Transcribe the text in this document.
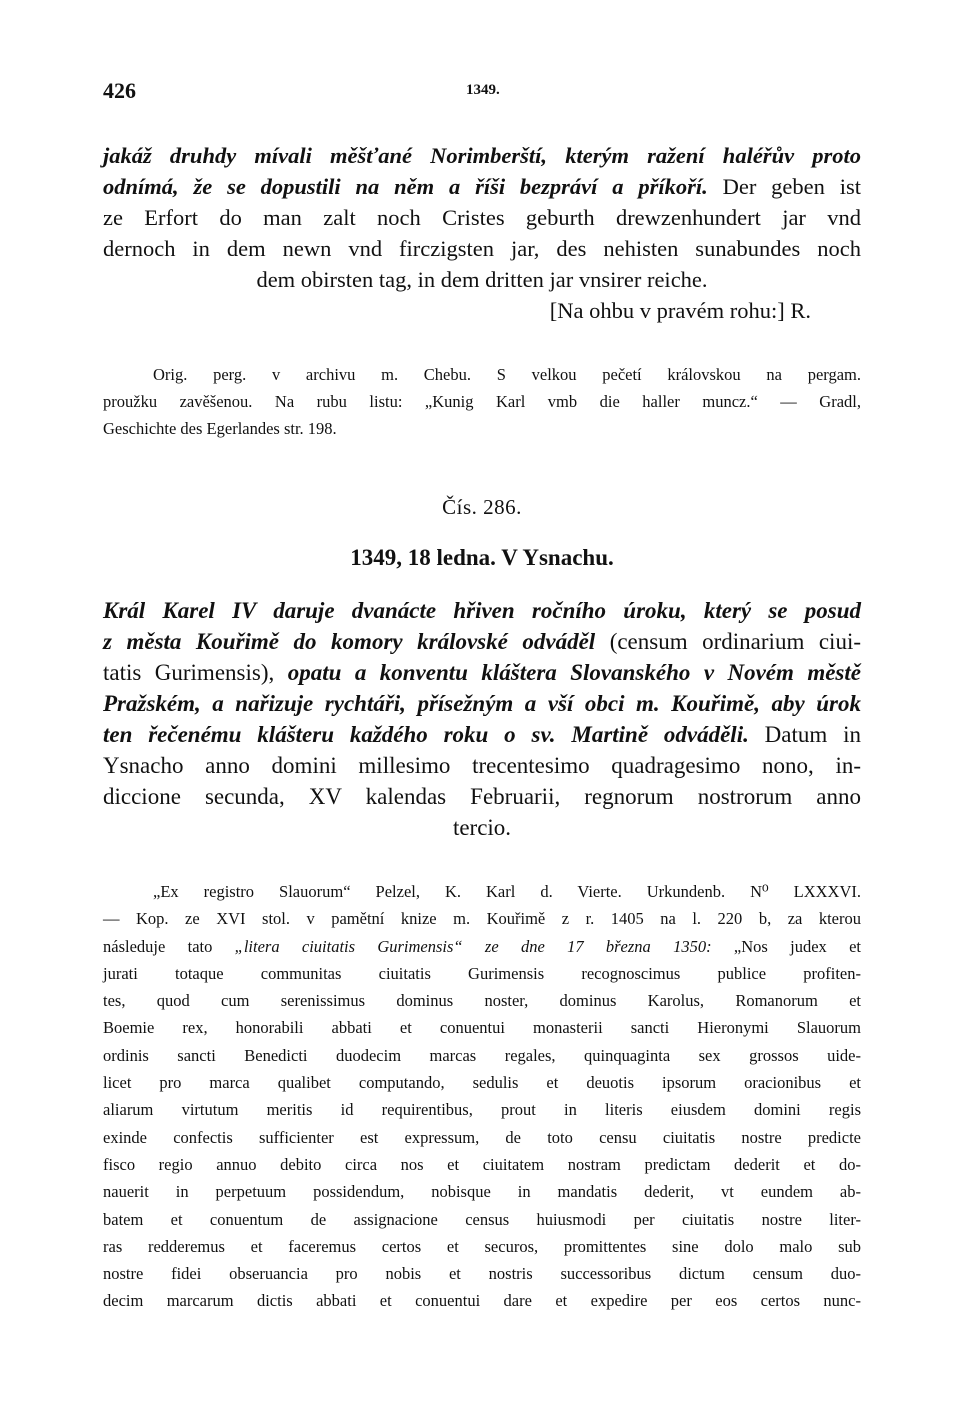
426	1349.
jakáž druhdy mívali měšťané Norimberští, kterým ražení haléřův proto
odnímá, že se dopustili na něm a říši bezpráví a příkoří. Der geben ist
ze Erfort do man zalt noch Cristes geburth drewzenhundert jar vnd
dernoch in dem newn vnd firczigsten jar, des nehisten sunabundes noch
dem obirsten tag, in dem dritten jar vnsirer reiche.
[Na ohbu v pravém rohu:] R.
Orig. perg. v archivu m. Chebu. S velkou pečetí královskou na pergam.
proužku zavěšenou. Na rubu listu: „Kunig Karl vmb die haller muncz.“ — Gradl,
Geschichte des Egerlandes str. 198.
Čís. 286.
1349, 18 ledna. V Ysnachu.
Král Karel IV daruje dvanácte hřiven ročního úroku, který se posud
z města Kouřimě do komory královské odváděl (censum ordinarium ciui-
tatis Gurimensis), opatu a konventu kláštera Slovanského v Novém městě
Pražském, a nařizuje rychtáři, přísežným a vší obci m. Kouřimě, aby úrok
ten řečenému klášteru každého roku o sv. Martině odváděli. Datum in
Ysnacho anno domini millesimo trecentesimo quadragesimo nono, in-
diccione secunda, XV kalendas Februarii, regnorum nostrorum anno
tercio.
„Ex registro Slauorum“ Pelzel, K. Karl d. Vierte. Urkundenb. N⁰ LXXXVI.
— Kop. ze XVI stol. v pamětní knize m. Kouřimě z r. 1405 na l. 220 b, za kterou
následuje tato „litera ciuitatis Gurimensis“ ze dne 17 března 1350: „Nos judex et
jurati totaque communitas ciuitatis Gurimensis recognoscimus publice profiten-
tes, quod cum serenissimus dominus noster, dominus Karolus, Romanorum et
Boemie rex, honorabili abbati et conuentui monasterii sancti Hieronymi Slauorum
ordinis sancti Benedicti duodecim marcas regales, quinquaginta sex grossos uide-
licet pro marca qualibet computando, sedulis et deuotis ipsorum oracionibus et
aliarum virtutum meritis id requirentibus, prout in literis eiusdem domini regis
exinde confectis sufficienter est expressum, de toto censu ciuitatis nostre predicte
fisco regio annuo debito circa nos et ciuitatem nostram predictam dederit et do-
nauerit in perpetuum possidendum, nobisque in mandatis dederit, vt eundem ab-
batem et conuentum de assignacione census huiusmodi per ciuitatis nostre liter-
ras redderemus et faceremus certos et securos, promittentes sine dolo malo sub
nostre fidei obseruancia pro nobis et nostris successoribus dictum censum duo-
decim marcarum dictis abbati et conuentui dare et expedire per eos certos nunc-
